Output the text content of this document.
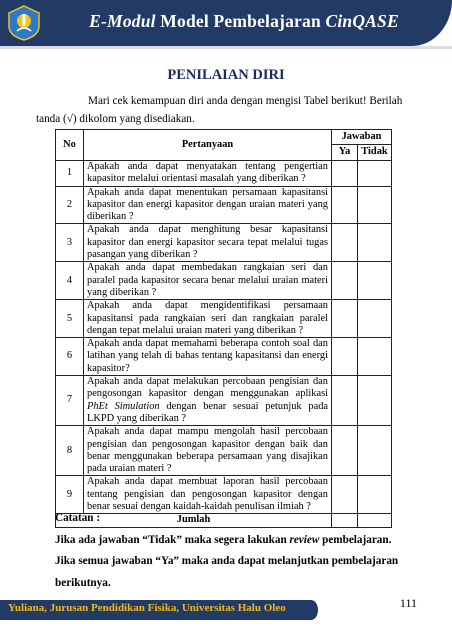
E-Modul Model Pembelajaran CinQASE
PENILAIAN DIRI
Mari cek kemampuan diri anda dengan mengisi Tabel berikut! Berilah
tanda (√) dikolom yang disediakan.
No	Pertanyaan	Jawaban	
		Ya	Tidak
1	Apakah anda dapat menyatakan tentang pengertian kapasitor melalui orientasi masalah yang diberikan ?		
2	Apakah anda dapat menentukan persamaan kapasitansi kapasitor dan energi kapasitor dengan uraian materi yang diberikan ?		
3	Apakah anda dapat menghitung besar kapasitansi kapasitor dan energi kapasitor secara tepat melalui tugas pasangan yang diberikan ?		
4	Apakah anda dapat membedakan rangkaian seri dan paralel pada kapasitor secara benar melalui uraian materi yang diberikan ?		
5	Apakah anda dapat mengidentifikasi persamaan kapasitansi pada rangkaian seri dan rangkaian paralel dengan tepat melalui uraian materi yang diberikan ?		
6	Apakah anda dapat memahami beberapa contoh soal dan latihan yang telah di bahas tentang kapasitansi dan energi kapasitor?		
7	Apakah anda dapat melakukan percobaan pengisian dan pengosongan kapasitor dengan menggunakan aplikasi PhEt Simulation dengan benar sesuai petunjuk pada LKPD yang diberikan ?		
8	Apakah anda dapat mampu mengolah hasil percobaan pengisian dan pengosongan kapasitor dengan baik dan benar menggunakan beberapa persamaan yang disajikan pada uraian materi ?		
9	Apakah anda dapat membuat laporan hasil percobaan tentang pengisian dan pengosongan kapasitor dengan benar sesuai dengan kaidah-kaidah penulisan ilmiah ?		
Jumlah			
Catatan :
Jika ada jawaban “Tidak” maka segera lakukan review pembelajaran.
Jika semua jawaban “Ya” maka anda dapat melanjutkan pembelajaran berikutnya.
111
Yuliana, Jurusan Pendidikan Fisika, Universitas Halu Oleo
